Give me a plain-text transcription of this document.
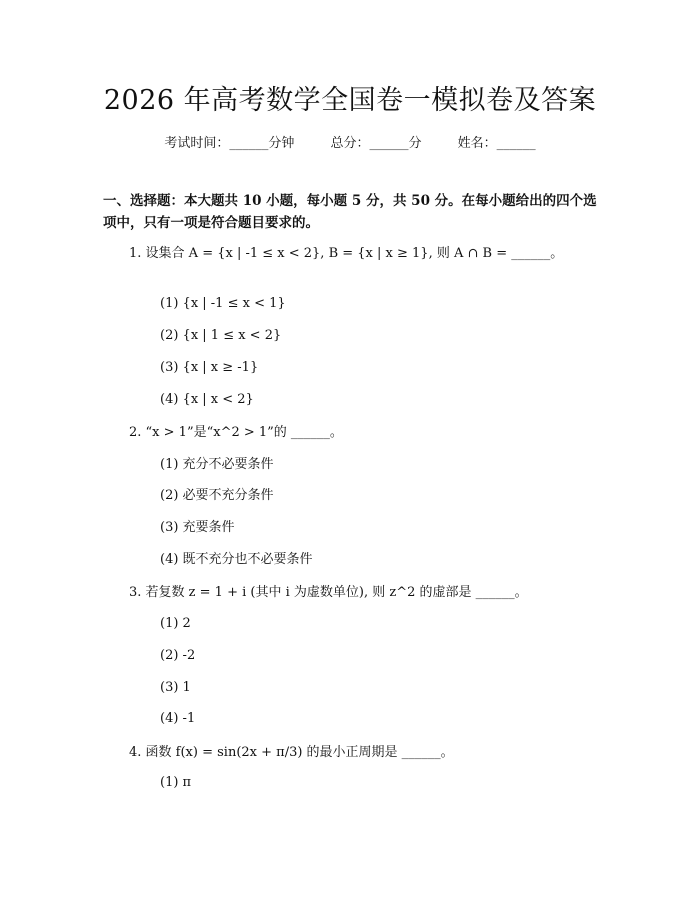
2026 年高考数学全国卷一模拟卷及答案
考试时间：______分钟	总分：______分	姓名：______
一、选择题：本大题共 10 小题，每小题 5 分，共 50 分。在每小题给出的四个选项中，只有一项是符合题目要求的。
1. 设集合 A = {x | -1 ≤ x < 2}, B = {x | x ≥ 1}, 则 A ∩ B = ______。
(1) {x | -1 ≤ x < 1}
(2) {x | 1 ≤ x < 2}
(3) {x | x ≥ -1}
(4) {x | x < 2}
2. “x > 1”是“x^2 > 1”的 ______。
(1) 充分不必要条件
(2) 必要不充分条件
(3) 充要条件
(4) 既不充分也不必要条件
3. 若复数 z = 1 + i (其中 i 为虚数单位), 则 z^2 的虚部是 ______。
(1) 2
(2) -2
(3) 1
(4) -1
4. 函数 f(x) = sin(2x + π/3) 的最小正周期是 ______。
(1) π
